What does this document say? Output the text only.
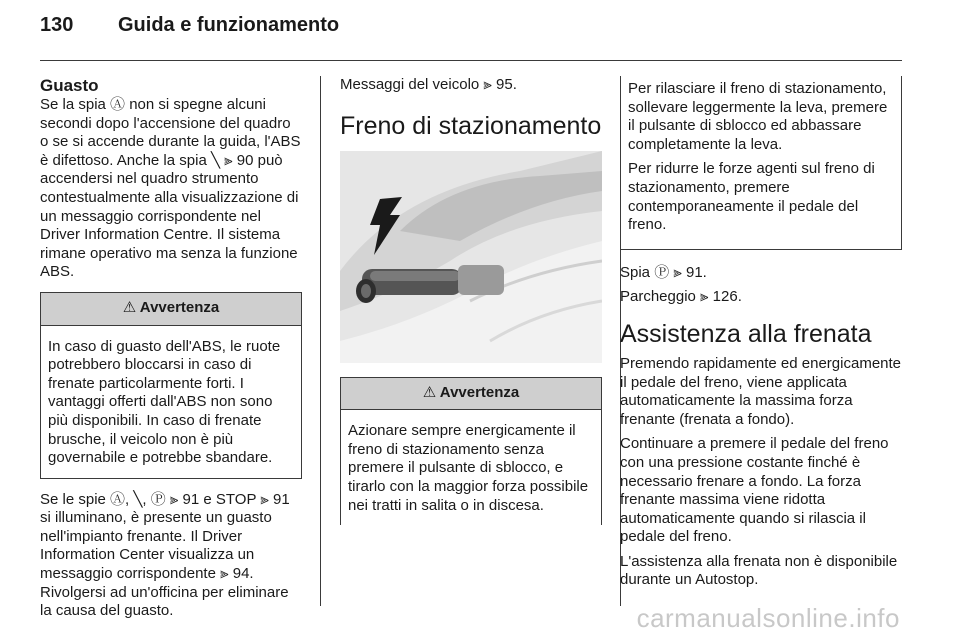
130	Guida e funzionamento
Guasto

Se la spia Ⓐ non si spegne alcuni secondi dopo l'accensione del quadro o se si accende durante la guida, l'ABS è difettoso. Anche la spia ╲ ⫸ 90 può accendersi nel quadro strumento contestualmente alla visualizzazione di un messaggio corrispondente nel Driver Information Centre. Il sistema rimane operativo ma senza la funzione ABS.

⚠ Avvertenza

In caso di guasto dell'ABS, le ruote potrebbero bloccarsi in caso di frenate particolarmente forti. I vantaggi offerti dall'ABS non sono più disponibili. In caso di frenate brusche, il veicolo non è più governabile e potrebbe sbandare.

Se le spie Ⓐ, ╲, Ⓟ ⫸ 91 e STOP ⫸ 91 si illuminano, è presente un guasto nell'impianto frenante. Il Driver Information Center visualizza un messaggio corrispondente ⫸ 94. Rivolgersi ad un'officina per eliminare la causa del guasto.

Messaggi del veicolo ⫸ 95.

Freno di stazionamento
⚠ Avvertenza

Azionare sempre energicamente il freno di stazionamento senza premere il pulsante di sblocco, e tirarlo con la maggior forza possibile nei tratti in salita o in discesa.

Per rilasciare il freno di stazionamento, sollevare leggermente la leva, premere il pulsante di sblocco ed abbassare completamente la leva.

Per ridurre le forze agenti sul freno di stazionamento, premere contemporaneamente il pedale del freno.

Spia Ⓟ ⫸ 91.

Parcheggio ⫸ 126.

Assistenza alla frenata

Premendo rapidamente ed energicamente il pedale del freno, viene applicata automaticamente la massima forza frenante (frenata a fondo).

Continuare a premere il pedale del freno con una pressione costante finché è necessario frenare a fondo. La forza frenante massima viene ridotta automaticamente quando si rilascia il pedale del freno.

L'assistenza alla frenata non è disponibile durante un Autostop.

carmanualsonline.info
